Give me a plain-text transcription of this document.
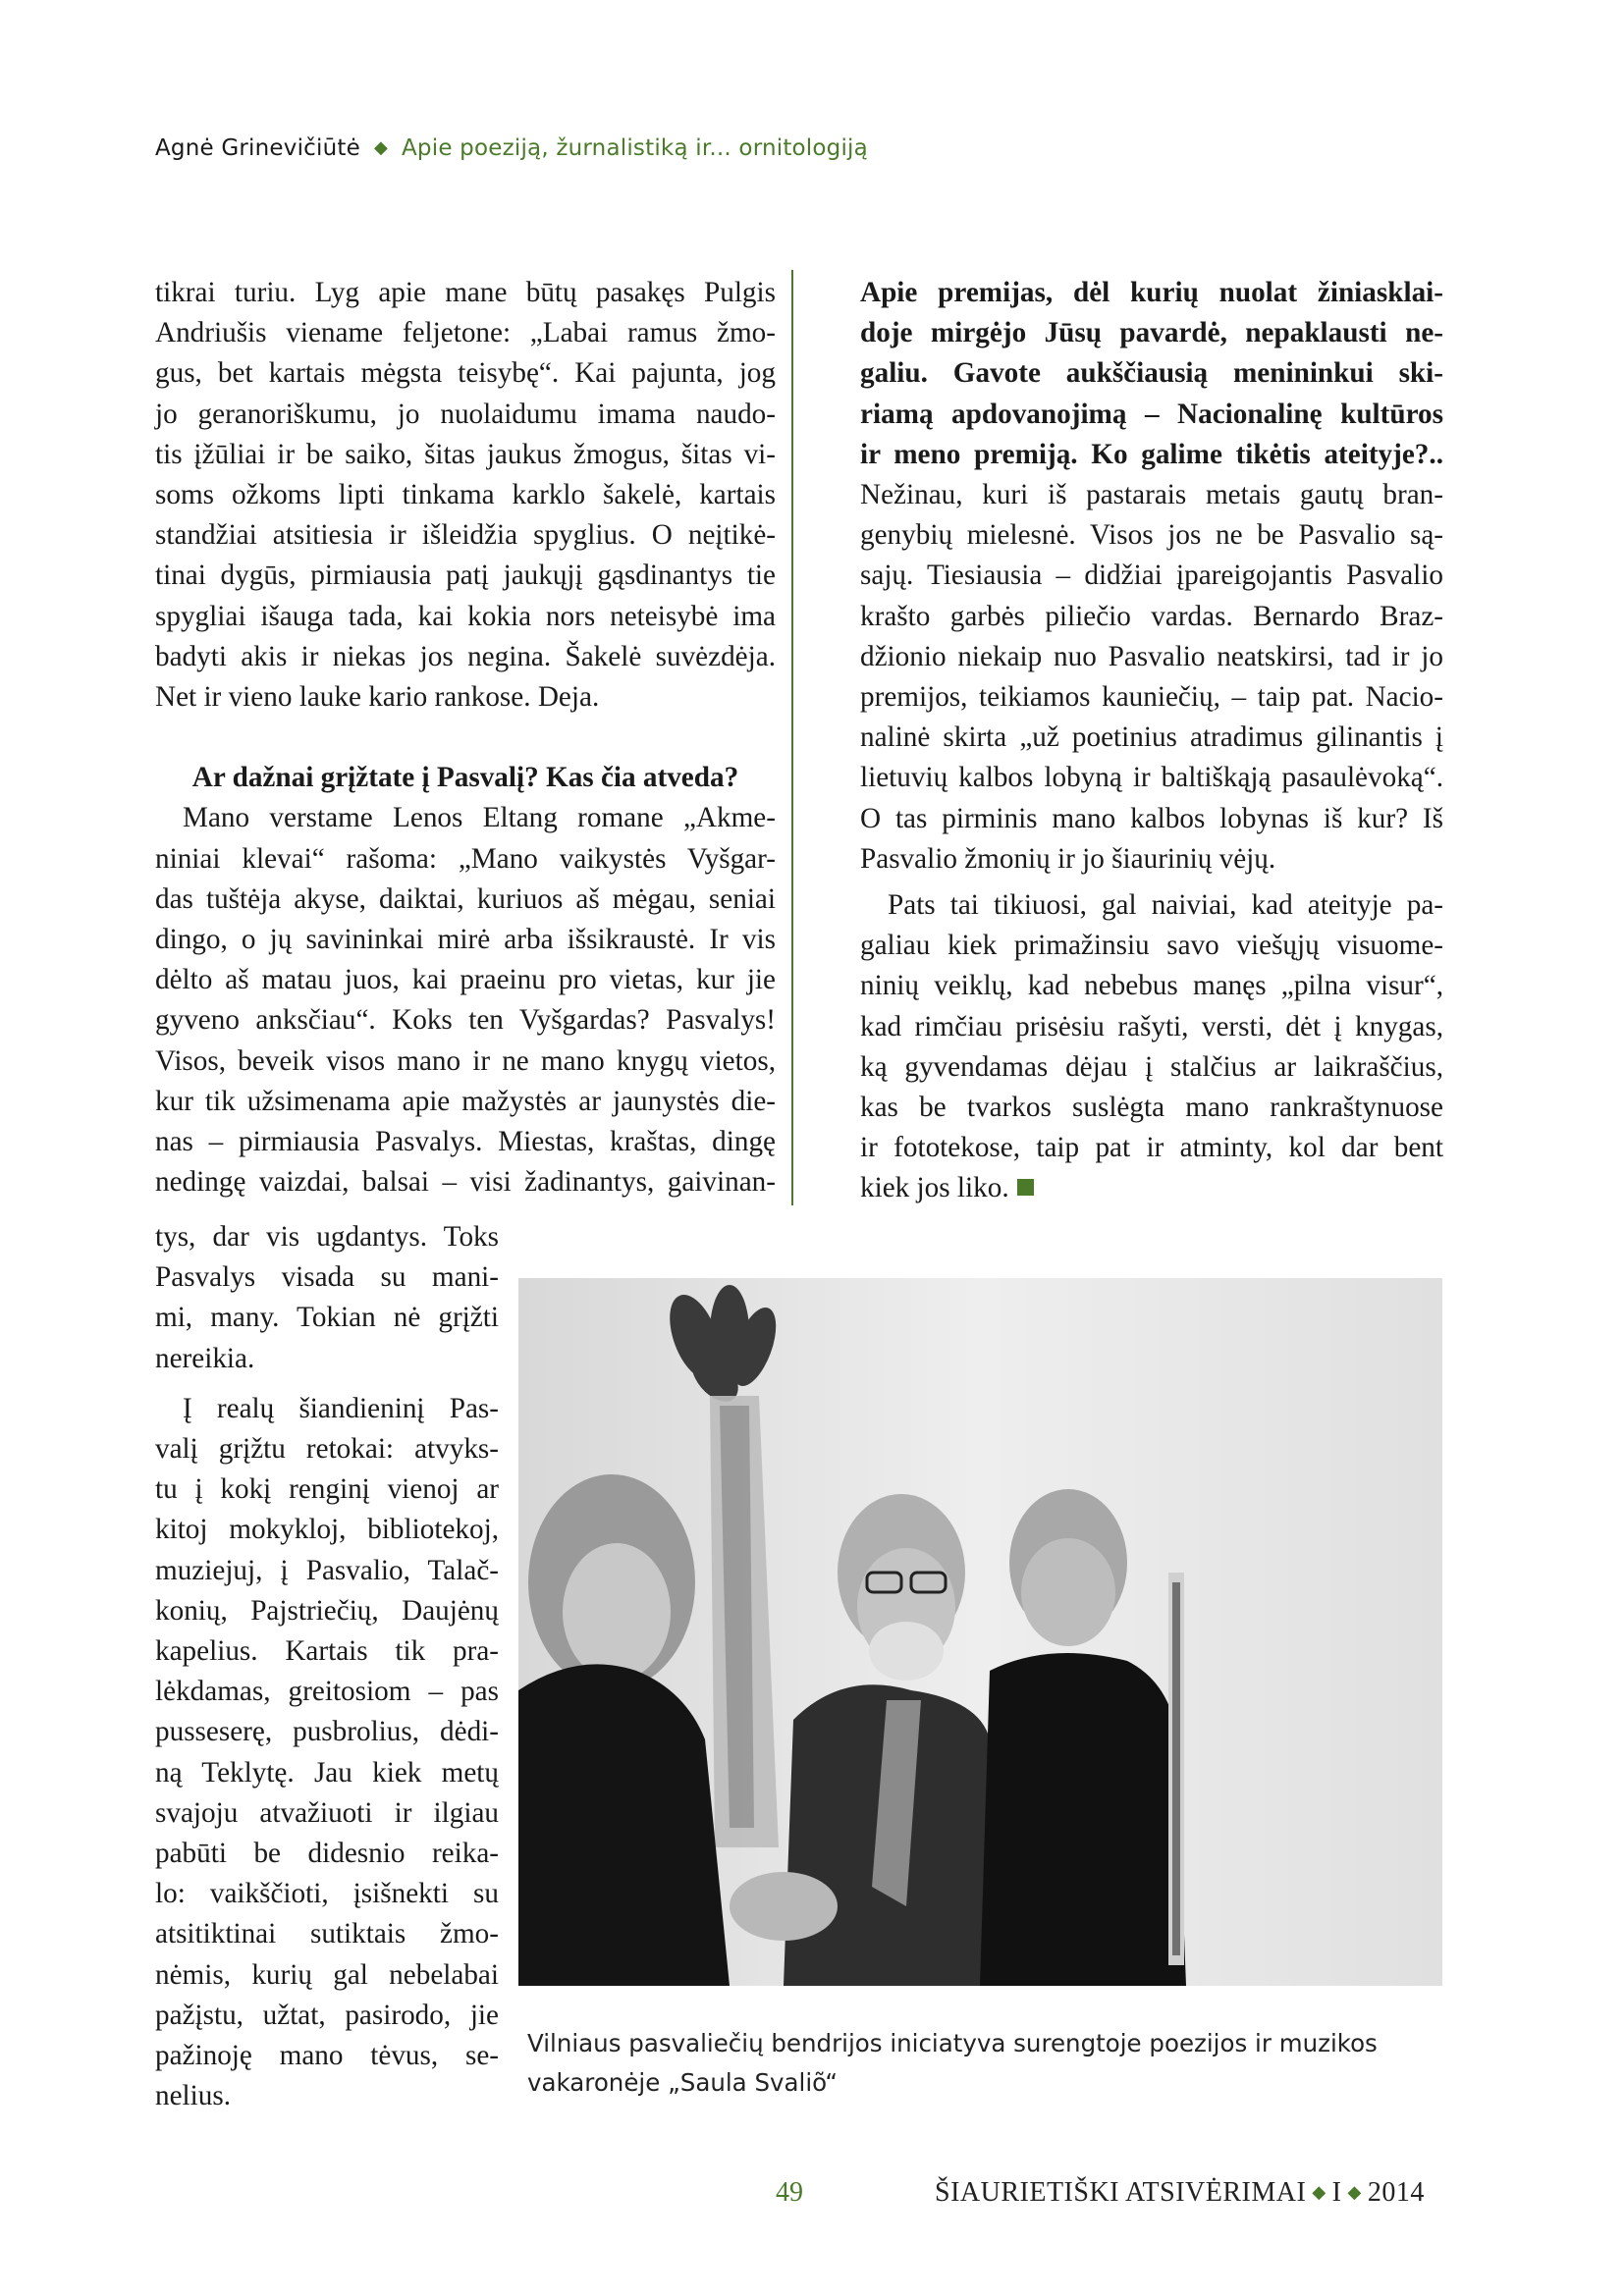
Agnė Grinevičiūtė ◆ Apie poeziją, žurnalistiką ir... ornitologiją
tikrai turiu. Lyg apie mane būtų pasakęs Pulgis
Andriušis viename feljetone: „Labai ramus žmo-
gus, bet kartais mėgsta teisybę“. Kai pajunta, jog
jo geranoriškumu, jo nuolaidumu imama naudo-
tis įžūliai ir be saiko, šitas jaukus žmogus, šitas vi-
soms ožkoms lipti tinkama karklo šakelė, kartais
standžiai atsitiesia ir išleidžia spyglius. O neįtikė-
tinai dygūs, pirmiausia patį jaukųjį gąsdinantys tie
spygliai išauga tada, kai kokia nors neteisybė ima
badyti akis ir niekas jos negina. Šakelė suvėzdėja.
Net ir vieno lauke kario rankose. Deja.

Ar dažnai grįžtate į Pasvalį? Kas čia atveda?

Mano verstame Lenos Eltang romane „Akme-
niniai klevai“ rašoma: „Mano vaikystės Vyšgar-
das tuštėja akyse, daiktai, kuriuos aš mėgau, seniai
dingo, o jų savininkai mirė arba išsikraustė. Ir vis
dėlto aš matau juos, kai praeinu pro vietas, kur jie
gyveno anksčiau“. Koks ten Vyšgardas? Pasvalys!
Visos, beveik visos mano ir ne mano knygų vietos,
kur tik užsimenama apie mažystės ar jaunystės die-
nas – pirmiausia Pasvalys. Miestas, kraštas, dingę
nedingę vaizdai, balsai – visi žadinantys, gaivinan-
tys, dar vis ugdantys. Toks
Pasvalys visada su mani-
mi, many. Tokian nė grįžti
nereikia.
Į realų šiandieninį Pas-
valį grįžtu retokai: atvyks-
tu į kokį renginį vienoj ar
kitoj mokykloj, bibliotekoj,
muziejuj, į Pasvalio, Talač-
konių, Pajstriečių, Daujėnų
kapelius. Kartais tik pra-
lėkdamas, greitosiom – pas
pusseserę, pusbrolius, dėdi-
ną Teklytę. Jau kiek metų
svajoju atvažiuoti ir ilgiau
pabūti be didesnio reika-
lo: vaikščioti, įsišnekti su
atsitiktinai sutiktais žmo-
nėmis, kurių gal nebelabai
pažįstu, užtat, pasirodo, jie
pažinoję mano tėvus, se-
nelius.
Apie premijas, dėl kurių nuolat žiniasklai-
doje mirgėjo Jūsų pavardė, nepaklausti ne-
galiu. Gavote aukščiausią menininkui ski-
riamą apdovanojimą – Nacionalinę kultūros
ir meno premiją. Ko galime tikėtis ateityje?..
Nežinau, kuri iš pastarais metais gautų bran-
genybių mielesnė. Visos jos ne be Pasvalio są-
sajų. Tiesiausia – didžiai įpareigojantis Pasvalio
krašto garbės piliečio vardas. Bernardo Braz-
džionio niekaip nuo Pasvalio neatskirsi, tad ir jo
premijos, teikiamos kauniečių, – taip pat. Nacio-
nalinė skirta „už poetinius atradimus gilinantis į
lietuvių kalbos lobyną ir baltiškąją pasaulėvoką“.
O tas pirminis mano kalbos lobynas iš kur? Iš
Pasvalio žmonių ir jo šiaurinių vėjų.
Pats tai tikiuosi, gal naiviai, kad ateityje pa-
galiau kiek primažinsiu savo viešųjų visuome-
ninių veiklų, kad nebebus manęs „pilna visur“,
kad rimčiau prisėsiu rašyti, versti, dėt į knygas,
ką gyvendamas dėjau į stalčius ar laikraščius,
kas be tvarkos suslėgta mano rankraštynuose
ir fototekose, taip pat ir atminty, kol dar bent
kiek jos liko.
Vilniaus pasvaliečių bendrijos iniciatyva surengtoje poezijos ir muzikos
vakaronėje „Saula Svaliõ“
49	ŠIAURIETIŠKI ATSIVĖRIMAI ◆ I ◆ 2014
